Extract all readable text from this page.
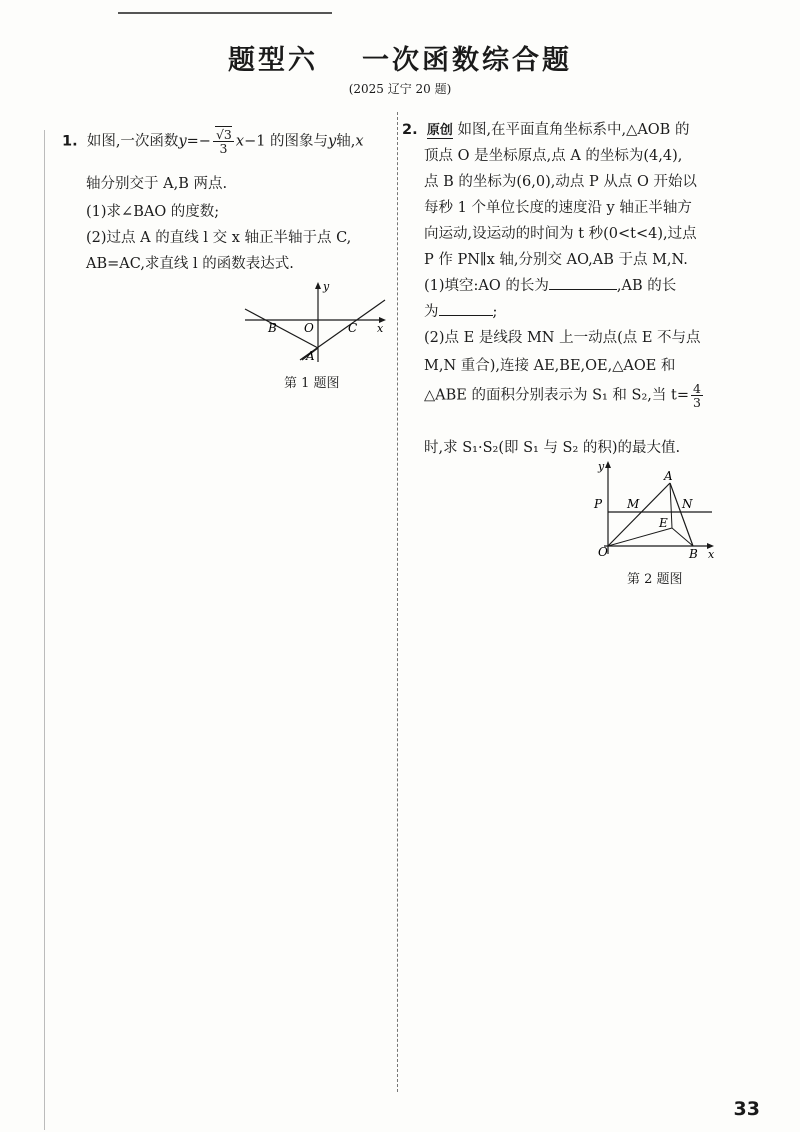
题型六 一次函数综合题
(2025 辽宁 20 题)
1. 如图,一次函数$y=- \frac{√3}{3} x-1$ 的图象与y轴,x
轴分别交于 A,B 两点.
(1)求∠BAO 的度数;
(2)过点 A 的直线 l 交 x 轴正半轴于点 C,
AB=AC,求直线 l 的函数表达式.
y
x
B O	C
A
第 1 题图
2. 原创 如图,在平面直角坐标系中,△AOB 的
顶点 O 是坐标原点,点 A 的坐标为(4,4),
点 B 的坐标为(6,0),动点 P 从点 O 开始以
每秒 1 个单位长度的速度沿 y 轴正半轴方
向运动,设运动的时间为 t 秒(0<t<4),过点
P 作 PN∥x 轴,分别交 AO,AB 于点 M,N.
(1)填空:AO 的长为	,AB 的长
为	;
(2)点 E 是线段 MN 上一动点(点 E 不与点
M,N 重合),连接 AE,BE,OE,△AOE 和
△ABE 的面积分别表示为 S₁ 和 S₂,当 $t= \frac{4}{3}$
时,求 S₁·S₂(即 S₁ 与 S₂ 的积)的最大值.
y
x
A
P M	N
E
O	B
第 2 题图
33
